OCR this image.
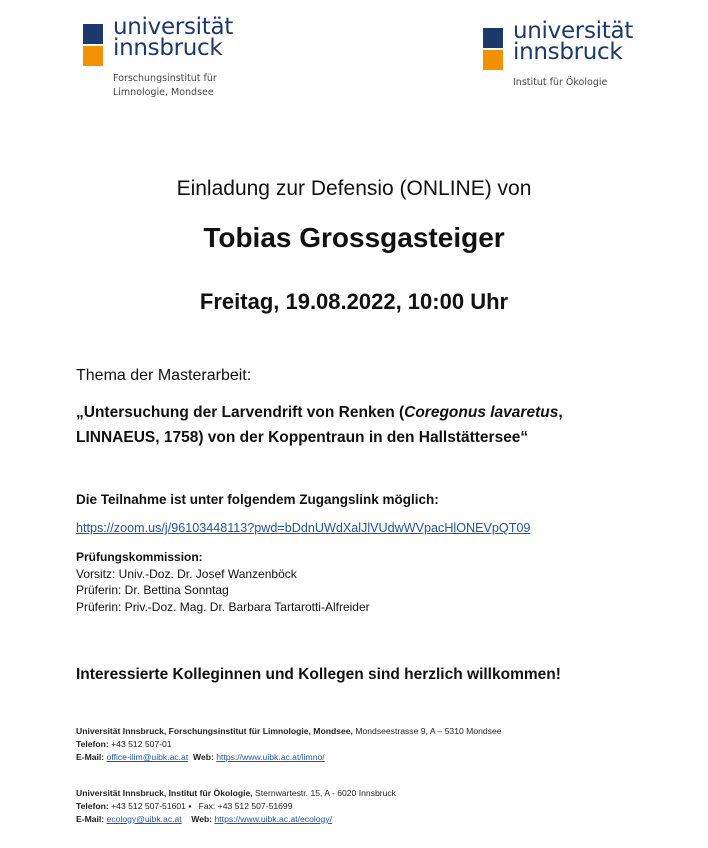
universität
innsbruck
Forschungsinstitut für
Limnologie, Mondsee
universität
innsbruck
Institut für Ökologie
Einladung zur Defensio (ONLINE) von
Tobias Grossgasteiger
Freitag, 19.08.2022, 10:00 Uhr
Thema der Masterarbeit:
„Untersuchung der Larvendrift von Renken (Coregonus lavaretus,
LINNAEUS, 1758) von der Koppentraun in den Hallstättersee“
Die Teilnahme ist unter folgendem Zugangslink möglich:
https://zoom.us/j/96103448113?pwd=bDdnUWdXalJlVUdwWVpacHlONEVpQT09
Prüfungskommission:
Vorsitz: Univ.-Doz. Dr. Josef Wanzenböck
Prüferin: Dr. Bettina Sonntag
Prüferin: Priv.-Doz. Mag. Dr. Barbara Tartarotti-Alfreider
Interessierte Kolleginnen und Kollegen sind herzlich willkommen!
Universität Innsbruck, Forschungsinstitut für Limnologie, Mondsee, Mondseestrasse 9, A – 5310 Mondsee
Telefon: +43 512 507-01
E-Mail: office-ilim@uibk.ac.at Web: https://www.uibk.ac.at/limno/
Universität Innsbruck, Institut für Ökologie, Sternwartestr. 15, A - 6020 Innsbruck
Telefon: +43 512 507-51601 ▪ Fax: +43 512 507-51699
E-Mail: ecology@uibk.ac.at Web: https://www.uibk.ac.at/ecology/
